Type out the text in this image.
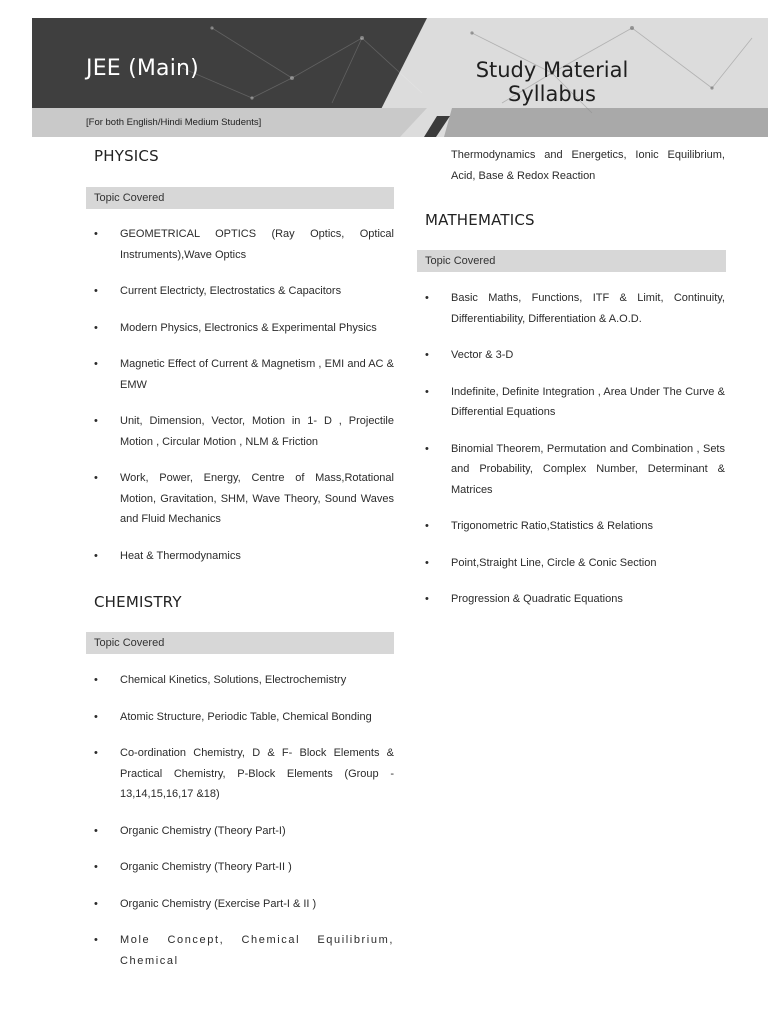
JEE (Main)	Study Material
Syllabus
[For both English/Hindi Medium Students]
PHYSICS
Topic Covered
• GEOMETRICAL OPTICS (Ray Optics, Optical Instruments),Wave Optics
• Current Electricty, Electrostatics & Capacitors
• Modern Physics, Electronics & Experimental Physics
• Magnetic Effect of Current & Magnetism , EMI and AC & EMW
• Unit, Dimension, Vector, Motion in 1- D , Projectile Motion , Circular Motion , NLM & Friction
• Work, Power, Energy, Centre of Mass,Rotational Motion, Gravitation, SHM, Wave Theory, Sound Waves and Fluid Mechanics
• Heat & Thermodynamics
CHEMISTRY
Topic Covered
• Chemical Kinetics, Solutions, Electrochemistry
• Atomic Structure, Periodic Table, Chemical Bonding
• Co-ordination Chemistry, D & F- Block Elements & Practical Chemistry, P-Block Elements (Group - 13,14,15,16,17 &18)
• Organic Chemistry (Theory Part-I)
• Organic Chemistry (Theory Part-II )
• Organic Chemistry (Exercise Part-I & II )
• Mole Concept, Chemical Equilibrium, Chemical
Thermodynamics and Energetics, Ionic Equilibrium, Acid, Base & Redox Reaction
MATHEMATICS
Topic Covered
• Basic Maths, Functions, ITF & Limit, Continuity, Differentiability, Differentiation & A.O.D.
• Vector & 3-D
• Indefinite, Definite Integration , Area Under The Curve & Differential Equations
• Binomial Theorem, Permutation and Combination , Sets and Probability, Complex Number, Determinant & Matrices
• Trigonometric Ratio,Statistics & Relations
• Point,Straight Line, Circle & Conic Section
• Progression & Quadratic Equations
